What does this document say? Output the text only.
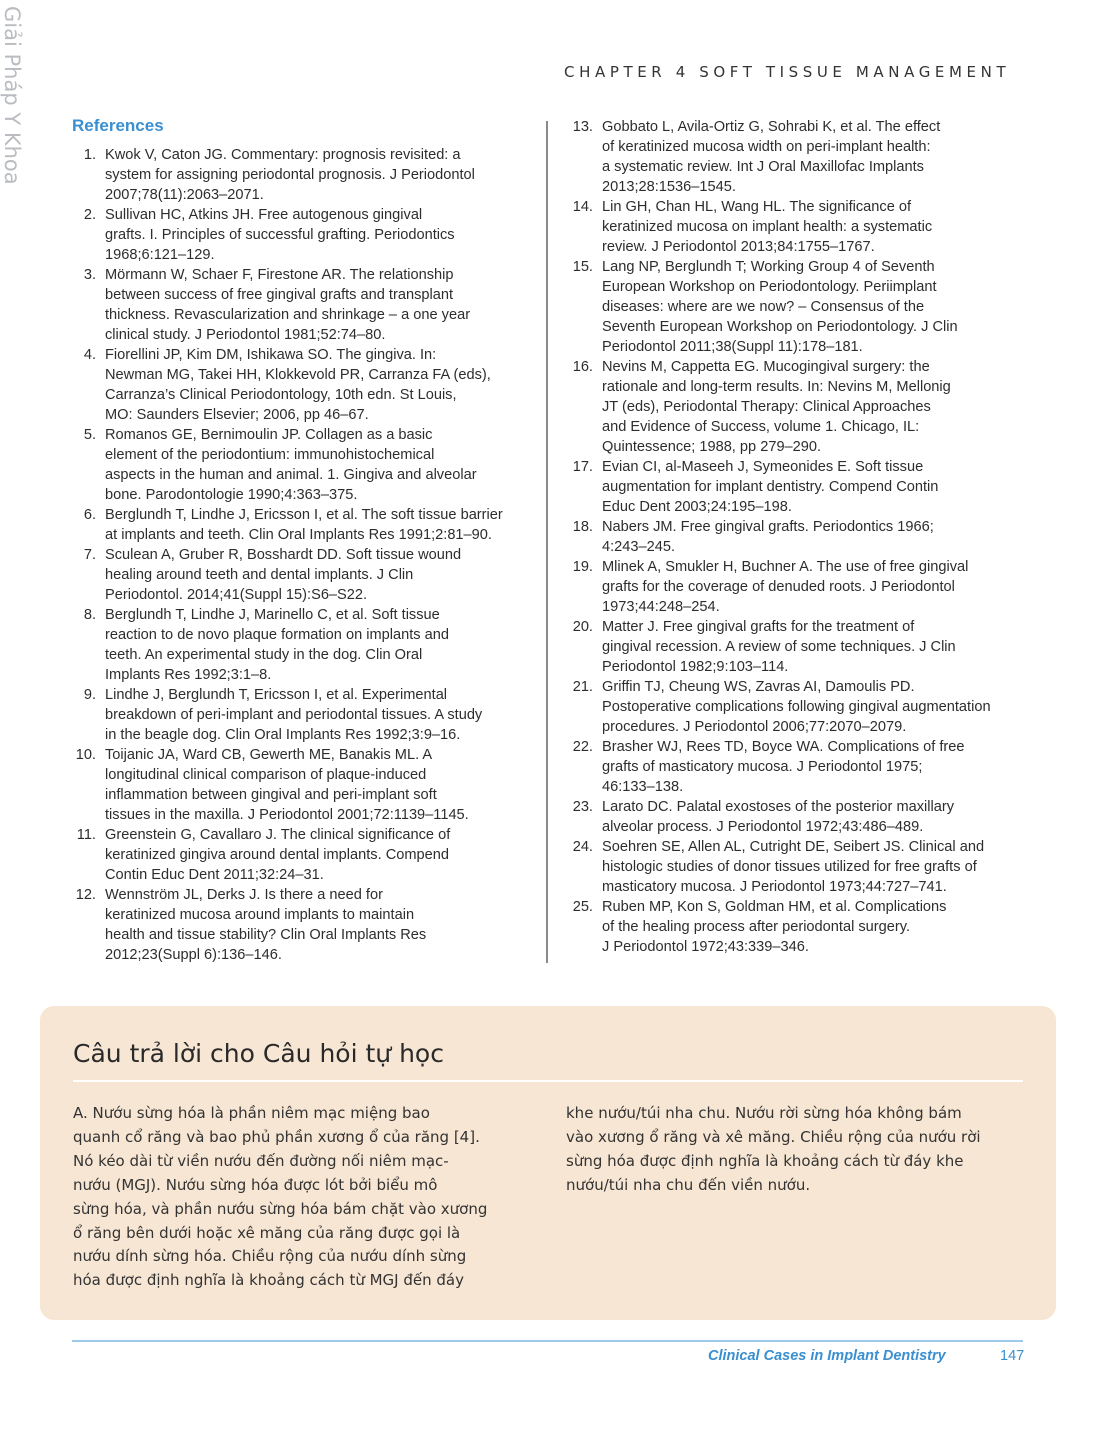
Giải Pháp Y Khoa	CHAPTER 4 SOFT TISSUE MANAGEMENT
References
1. Kwok V, Caton JG. Commentary: prognosis revisited: a
system for assigning periodontal prognosis. J Periodontol
2007;78(11):2063–2071.
2. Sullivan HC, Atkins JH. Free autogenous gingival
grafts. I. Principles of successful grafting. Periodontics
1968;6:121–129.
3. Mörmann W, Schaer F, Firestone AR. The relationship
between success of free gingival grafts and transplant
thickness. Revascularization and shrinkage – a one year
clinical study. J Periodontol 1981;52:74–80.
4. Fiorellini JP, Kim DM, Ishikawa SO. The gingiva. In:
Newman MG, Takei HH, Klokkevold PR, Carranza FA (eds),
Carranza’s Clinical Periodontology, 10th edn. St Louis,
MO: Saunders Elsevier; 2006, pp 46–67.
5. Romanos GE, Bernimoulin JP. Collagen as a basic
element of the periodontium: immunohistochemical
aspects in the human and animal. 1. Gingiva and alveolar
bone. Parodontologie 1990;4:363–375.
6. Berglundh T, Lindhe J, Ericsson I, et al. The soft tissue barrier
at implants and teeth. Clin Oral Implants Res 1991;2:81–90.
7. Sculean A, Gruber R, Bosshardt DD. Soft tissue wound
healing around teeth and dental implants. J Clin
Periodontol. 2014;41(Suppl 15):S6–S22.
8. Berglundh T, Lindhe J, Marinello C, et al. Soft tissue
reaction to de novo plaque formation on implants and
teeth. An experimental study in the dog. Clin Oral
Implants Res 1992;3:1–8.
9. Lindhe J, Berglundh T, Ericsson I, et al. Experimental
breakdown of peri-implant and periodontal tissues. A study
in the beagle dog. Clin Oral Implants Res 1992;3:9–16.
10. Toijanic JA, Ward CB, Gewerth ME, Banakis ML. A
longitudinal clinical comparison of plaque-induced
inflammation between gingival and peri-implant soft
tissues in the maxilla. J Periodontol 2001;72:1139–1145.
11. Greenstein G, Cavallaro J. The clinical significance of
keratinized gingiva around dental implants. Compend
Contin Educ Dent 2011;32:24–31.
12. Wennström JL, Derks J. Is there a need for
keratinized mucosa around implants to maintain
health and tissue stability? Clin Oral Implants Res
2012;23(Suppl 6):136–146.
13. Gobbato L, Avila-Ortiz G, Sohrabi K, et al. The effect
of keratinized mucosa width on peri-implant health:
a systematic review. Int J Oral Maxillofac Implants
2013;28:1536–1545.
14. Lin GH, Chan HL, Wang HL. The significance of
keratinized mucosa on implant health: a systematic
review. J Periodontol 2013;84:1755–1767.
15. Lang NP, Berglundh T; Working Group 4 of Seventh
European Workshop on Periodontology. Periimplant
diseases: where are we now? – Consensus of the
Seventh European Workshop on Periodontology. J Clin
Periodontol 2011;38(Suppl 11):178–181.
16. Nevins M, Cappetta EG. Mucogingival surgery: the
rationale and long-term results. In: Nevins M, Mellonig
JT (eds), Periodontal Therapy: Clinical Approaches
and Evidence of Success, volume 1. Chicago, IL:
Quintessence; 1988, pp 279–290.
17. Evian CI, al-Maseeh J, Symeonides E. Soft tissue
augmentation for implant dentistry. Compend Contin
Educ Dent 2003;24:195–198.
18. Nabers JM. Free gingival grafts. Periodontics 1966;
4:243–245.
19. Mlinek A, Smukler H, Buchner A. The use of free gingival
grafts for the coverage of denuded roots. J Periodontol
1973;44:248–254.
20. Matter J. Free gingival grafts for the treatment of
gingival recession. A review of some techniques. J Clin
Periodontol 1982;9:103–114.
21. Griffin TJ, Cheung WS, Zavras AI, Damoulis PD.
Postoperative complications following gingival augmentation
procedures. J Periodontol 2006;77:2070–2079.
22. Brasher WJ, Rees TD, Boyce WA. Complications of free
grafts of masticatory mucosa. J Periodontol 1975;
46:133–138.
23. Larato DC. Palatal exostoses of the posterior maxillary
alveolar process. J Periodontol 1972;43:486–489.
24. Soehren SE, Allen AL, Cutright DE, Seibert JS. Clinical and
histologic studies of donor tissues utilized for free grafts of
masticatory mucosa. J Periodontol 1973;44:727–741.
25. Ruben MP, Kon S, Goldman HM, et al. Complications
of the healing process after periodontal surgery.
J Periodontol 1972;43:339–346.
Câu trả lời cho Câu hỏi tự học
A. Nướu sừng hóa là phần niêm mạc miệng bao
quanh cổ răng và bao phủ phần xương ổ của răng [4].
Nó kéo dài từ viền nướu đến đường nối niêm mạc-
nướu (MGJ). Nướu sừng hóa được lót bởi biểu mô
sừng hóa, và phần nướu sừng hóa bám chặt vào xương
ổ răng bên dưới hoặc xê măng của răng được gọi là
nướu dính sừng hóa. Chiều rộng của nướu dính sừng
hóa được định nghĩa là khoảng cách từ MGJ đến đáy
khe nướu/túi nha chu. Nướu rời sừng hóa không bám
vào xương ổ răng và xê măng. Chiều rộng của nướu rời
sừng hóa được định nghĩa là khoảng cách từ đáy khe
nướu/túi nha chu đến viền nướu.
Clinical Cases in Implant Dentistry	147
